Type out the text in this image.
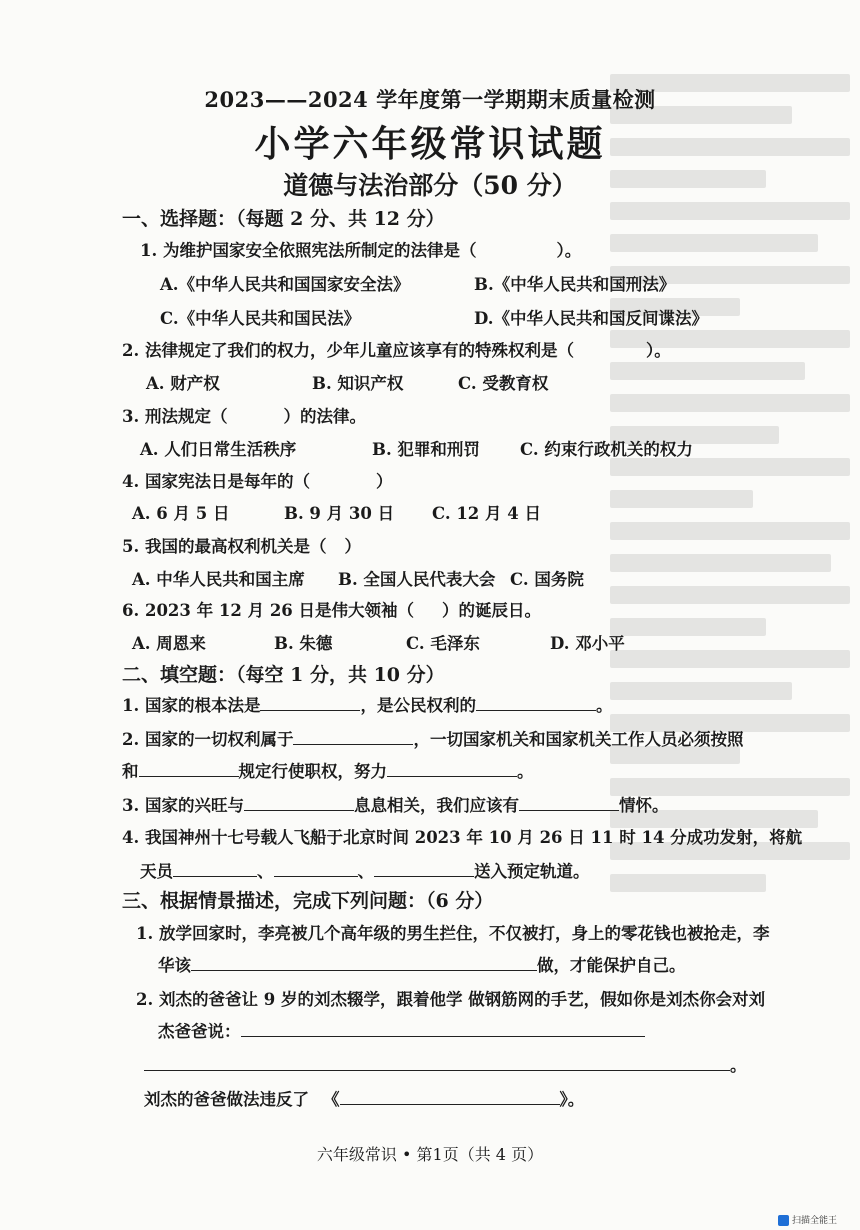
2023——2024 学年度第一学期期末质量检测
小学六年级常识试题
道德与法治部分（50 分）
一、选择题：（每题 2 分、共 12 分）
1. 为维护国家安全依照宪法所制定的法律是（	）。
A.《中华人民共和国国家安全法》	B.《中华人民共和国刑法》
C.《中华人民共和国民法》	D.《中华人民共和国反间谍法》
2. 法律规定了我们的权力，少年儿童应该享有的特殊权利是（	）。
A. 财产权	B. 知识产权	C. 受教育权
3. 刑法规定（	）的法律。
A. 人们日常生活秩序	B. 犯罪和刑罚 C. 约束行政机关的权力
4. 国家宪法日是每年的（	）
A. 6 月 5 日	B. 9 月 30 日 C. 12 月 4 日
5. 我国的最高权利机关是（ ）
A. 中华人民共和国主席 B. 全国人民代表大会 C. 国务院
6. 2023 年 12 月 26 日是伟大领袖（ ）的诞辰日。
A. 周恩来	B. 朱德	C. 毛泽东	D. 邓小平
二、填空题：（每空 1 分，共 10 分）
1. 国家的根本法是	，是公民权利的	。
2. 国家的一切权利属于	，一切国家机关和国家机关工作人员必须按照
和	规定行使职权，努力	。
3. 国家的兴旺与	息息相关，我们应该有	情怀。
4. 我国神州十七号载人飞船于北京时间 2023 年 10 月 26 日 11 时 14 分成功发射，将航
天员	、	、	送入预定轨道。
三、根据情景描述，完成下列问题：（6 分）
1. 放学回家时，李亮被几个高年级的男生拦住，不仅被打，身上的零花钱也被抢走，李
华该	做，才能保护自己。
2. 刘杰的爸爸让 9 岁的刘杰辍学，跟着他学 做钢筋网的手艺，假如你是刘杰你会对刘
杰爸爸说：
。
刘杰的爸爸做法违反了 《	》。
六年级常识 • 第1页（共 4 页）
扫描全能王
